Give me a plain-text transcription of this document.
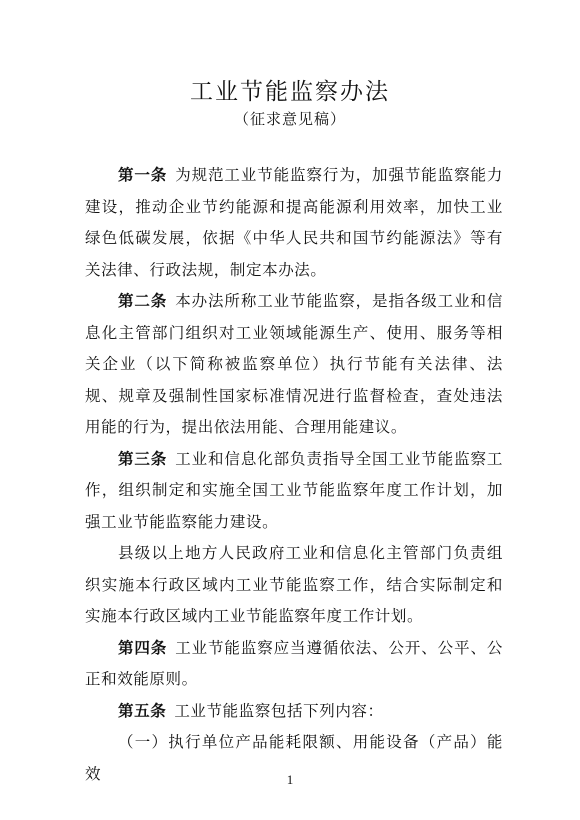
工业节能监察办法
（征求意见稿）

第一条 为规范工业节能监察行为，加强节能监察能力建设，推动企业节约能源和提高能源利用效率，加快工业绿色低碳发展，依据《中华人民共和国节约能源法》等有关法律、行政法规，制定本办法。

第二条 本办法所称工业节能监察，是指各级工业和信息化主管部门组织对工业领域能源生产、使用、服务等相关企业（以下简称被监察单位）执行节能有关法律、法规、规章及强制性国家标准情况进行监督检查，查处违法用能的行为，提出依法用能、合理用能建议。

第三条 工业和信息化部负责指导全国工业节能监察工作，组织制定和实施全国工业节能监察年度工作计划，加强工业节能监察能力建设。

县级以上地方人民政府工业和信息化主管部门负责组织实施本行政区域内工业节能监察工作，结合实际制定和实施本行政区域内工业节能监察年度工作计划。

第四条 工业节能监察应当遵循依法、公开、公平、公正和效能原则。

第五条 工业节能监察包括下列内容：

（一）执行单位产品能耗限额、用能设备（产品）能效	1
